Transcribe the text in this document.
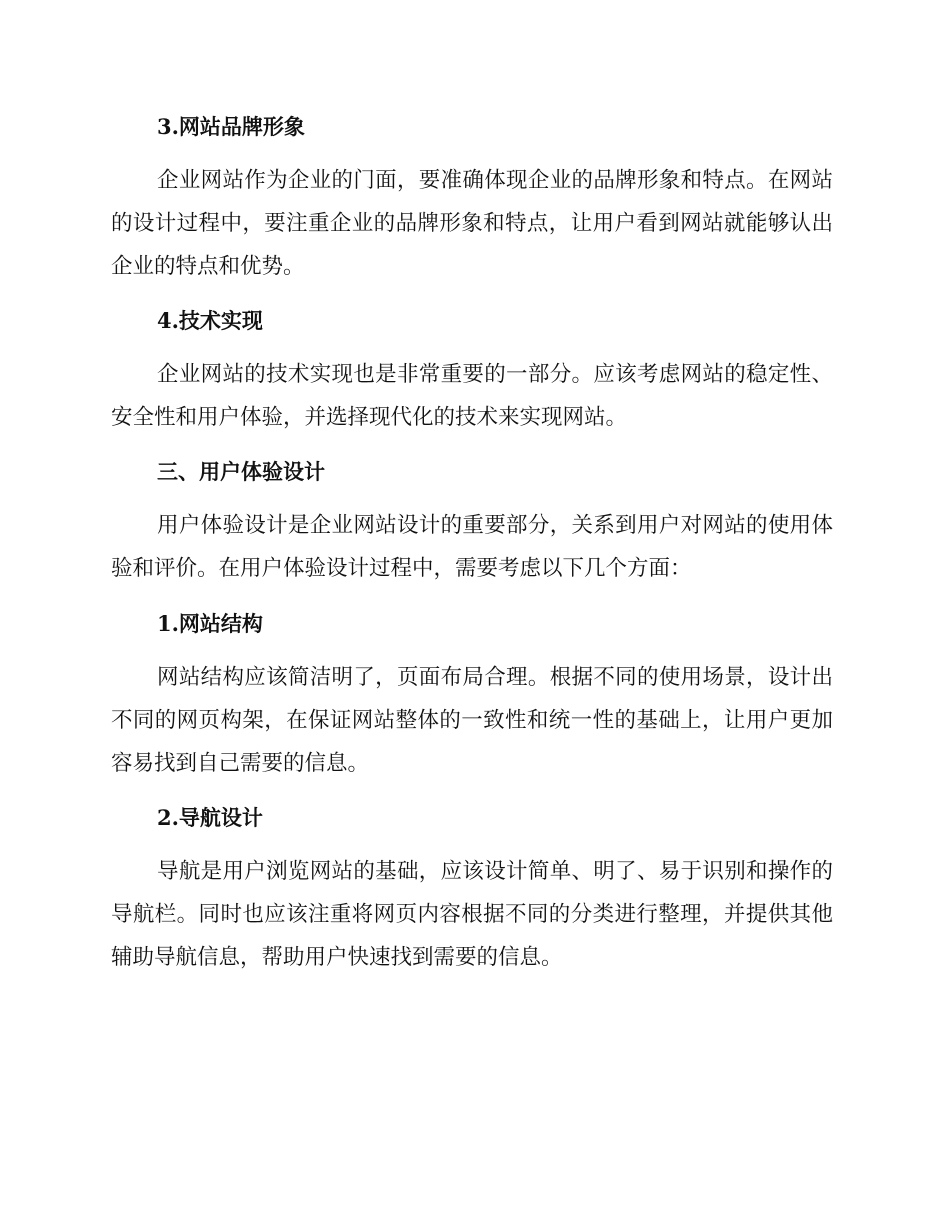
3.网站品牌形象

企业网站作为企业的门面，要准确体现企业的品牌形象和特点。在网站的设计过程中，要注重企业的品牌形象和特点，让用户看到网站就能够认出企业的特点和优势。

4.技术实现

企业网站的技术实现也是非常重要的一部分。应该考虑网站的稳定性、安全性和用户体验，并选择现代化的技术来实现网站。

三、用户体验设计

用户体验设计是企业网站设计的重要部分，关系到用户对网站的使用体验和评价。在用户体验设计过程中，需要考虑以下几个方面：

1.网站结构

网站结构应该简洁明了，页面布局合理。根据不同的使用场景，设计出不同的网页构架，在保证网站整体的一致性和统一性的基础上，让用户更加容易找到自己需要的信息。

2.导航设计

导航是用户浏览网站的基础，应该设计简单、明了、易于识别和操作的导航栏。同时也应该注重将网页内容根据不同的分类进行整理，并提供其他辅助导航信息，帮助用户快速找到需要的信息。
